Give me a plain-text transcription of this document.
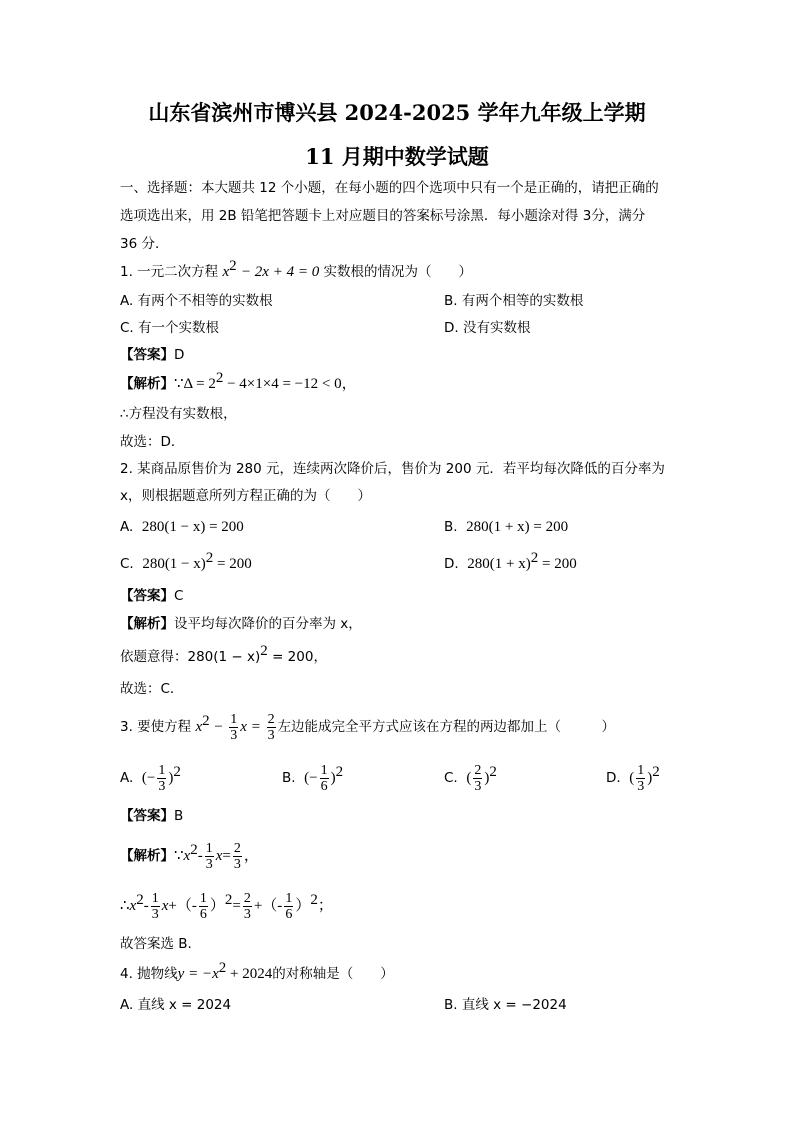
山东省滨州市博兴县 2024-2025 学年九年级上学期
11 月期中数学试题
一、选择题：本大题共 12 个小题，在每小题的四个选项中只有一个是正确的，请把正确的
选项选出来，用 2B 铅笔把答题卡上对应题目的答案标号涂黑．每小题涂对得 3分，满分
36 分．
1. 一元二次方程 $x^2 - 2x + 4 = 0$ 实数根的情况为（　　）
A. 有两个不相等的实数根	B. 有两个相等的实数根
C. 有一个实数根	D. 没有实数根
【答案】D
【解析】∵Δ = $2^2 - 4\times 1\times 4 = -12 < 0$，
∴方程没有实数根，
故选：D．
2. 某商品原售价为 280 元，连续两次降价后，售价为 200 元．若平均每次降低的百分率为
x，则根据题意所列方程正确的为（　　）
A. 280(1 − x) = 200	B. 280(1 + x) = 200
C. $280(1 - x)^2 = 200$	D. $280(1 + x)^2 = 200$
【答案】C
【解析】设平均每次降价的百分率为 x，
依题意得：$280(1 - x)^2 = 200$，
故选：C．
3. 要使方程 $x^2 - \frac{1}{3}$ $x = \frac{2}{3}$ 左边能成完全平方式应该在方程的两边都加上（　　　）
A. (− $\frac{1}{3} )^2$	B. (− $\frac{1}{6} )^2$	C. ( $\frac{2}{3} )^2$	D. ( $\frac{1}{3} )^2$
【答案】B
【解析】$\because x^2- \frac{1}{3} x= \frac{2}{3}$ ，
$\therefore x^2- \frac{1}{3} x+(- \frac{1}{6} )^2= \frac{2}{3}$ +（- $\frac{1}{6} )^2$；
故答案选 B.
4. 抛物线$y = -x^2 + 2024$的对称轴是（　　）
A. 直线 x = 2024	B. 直线 x = −2024
